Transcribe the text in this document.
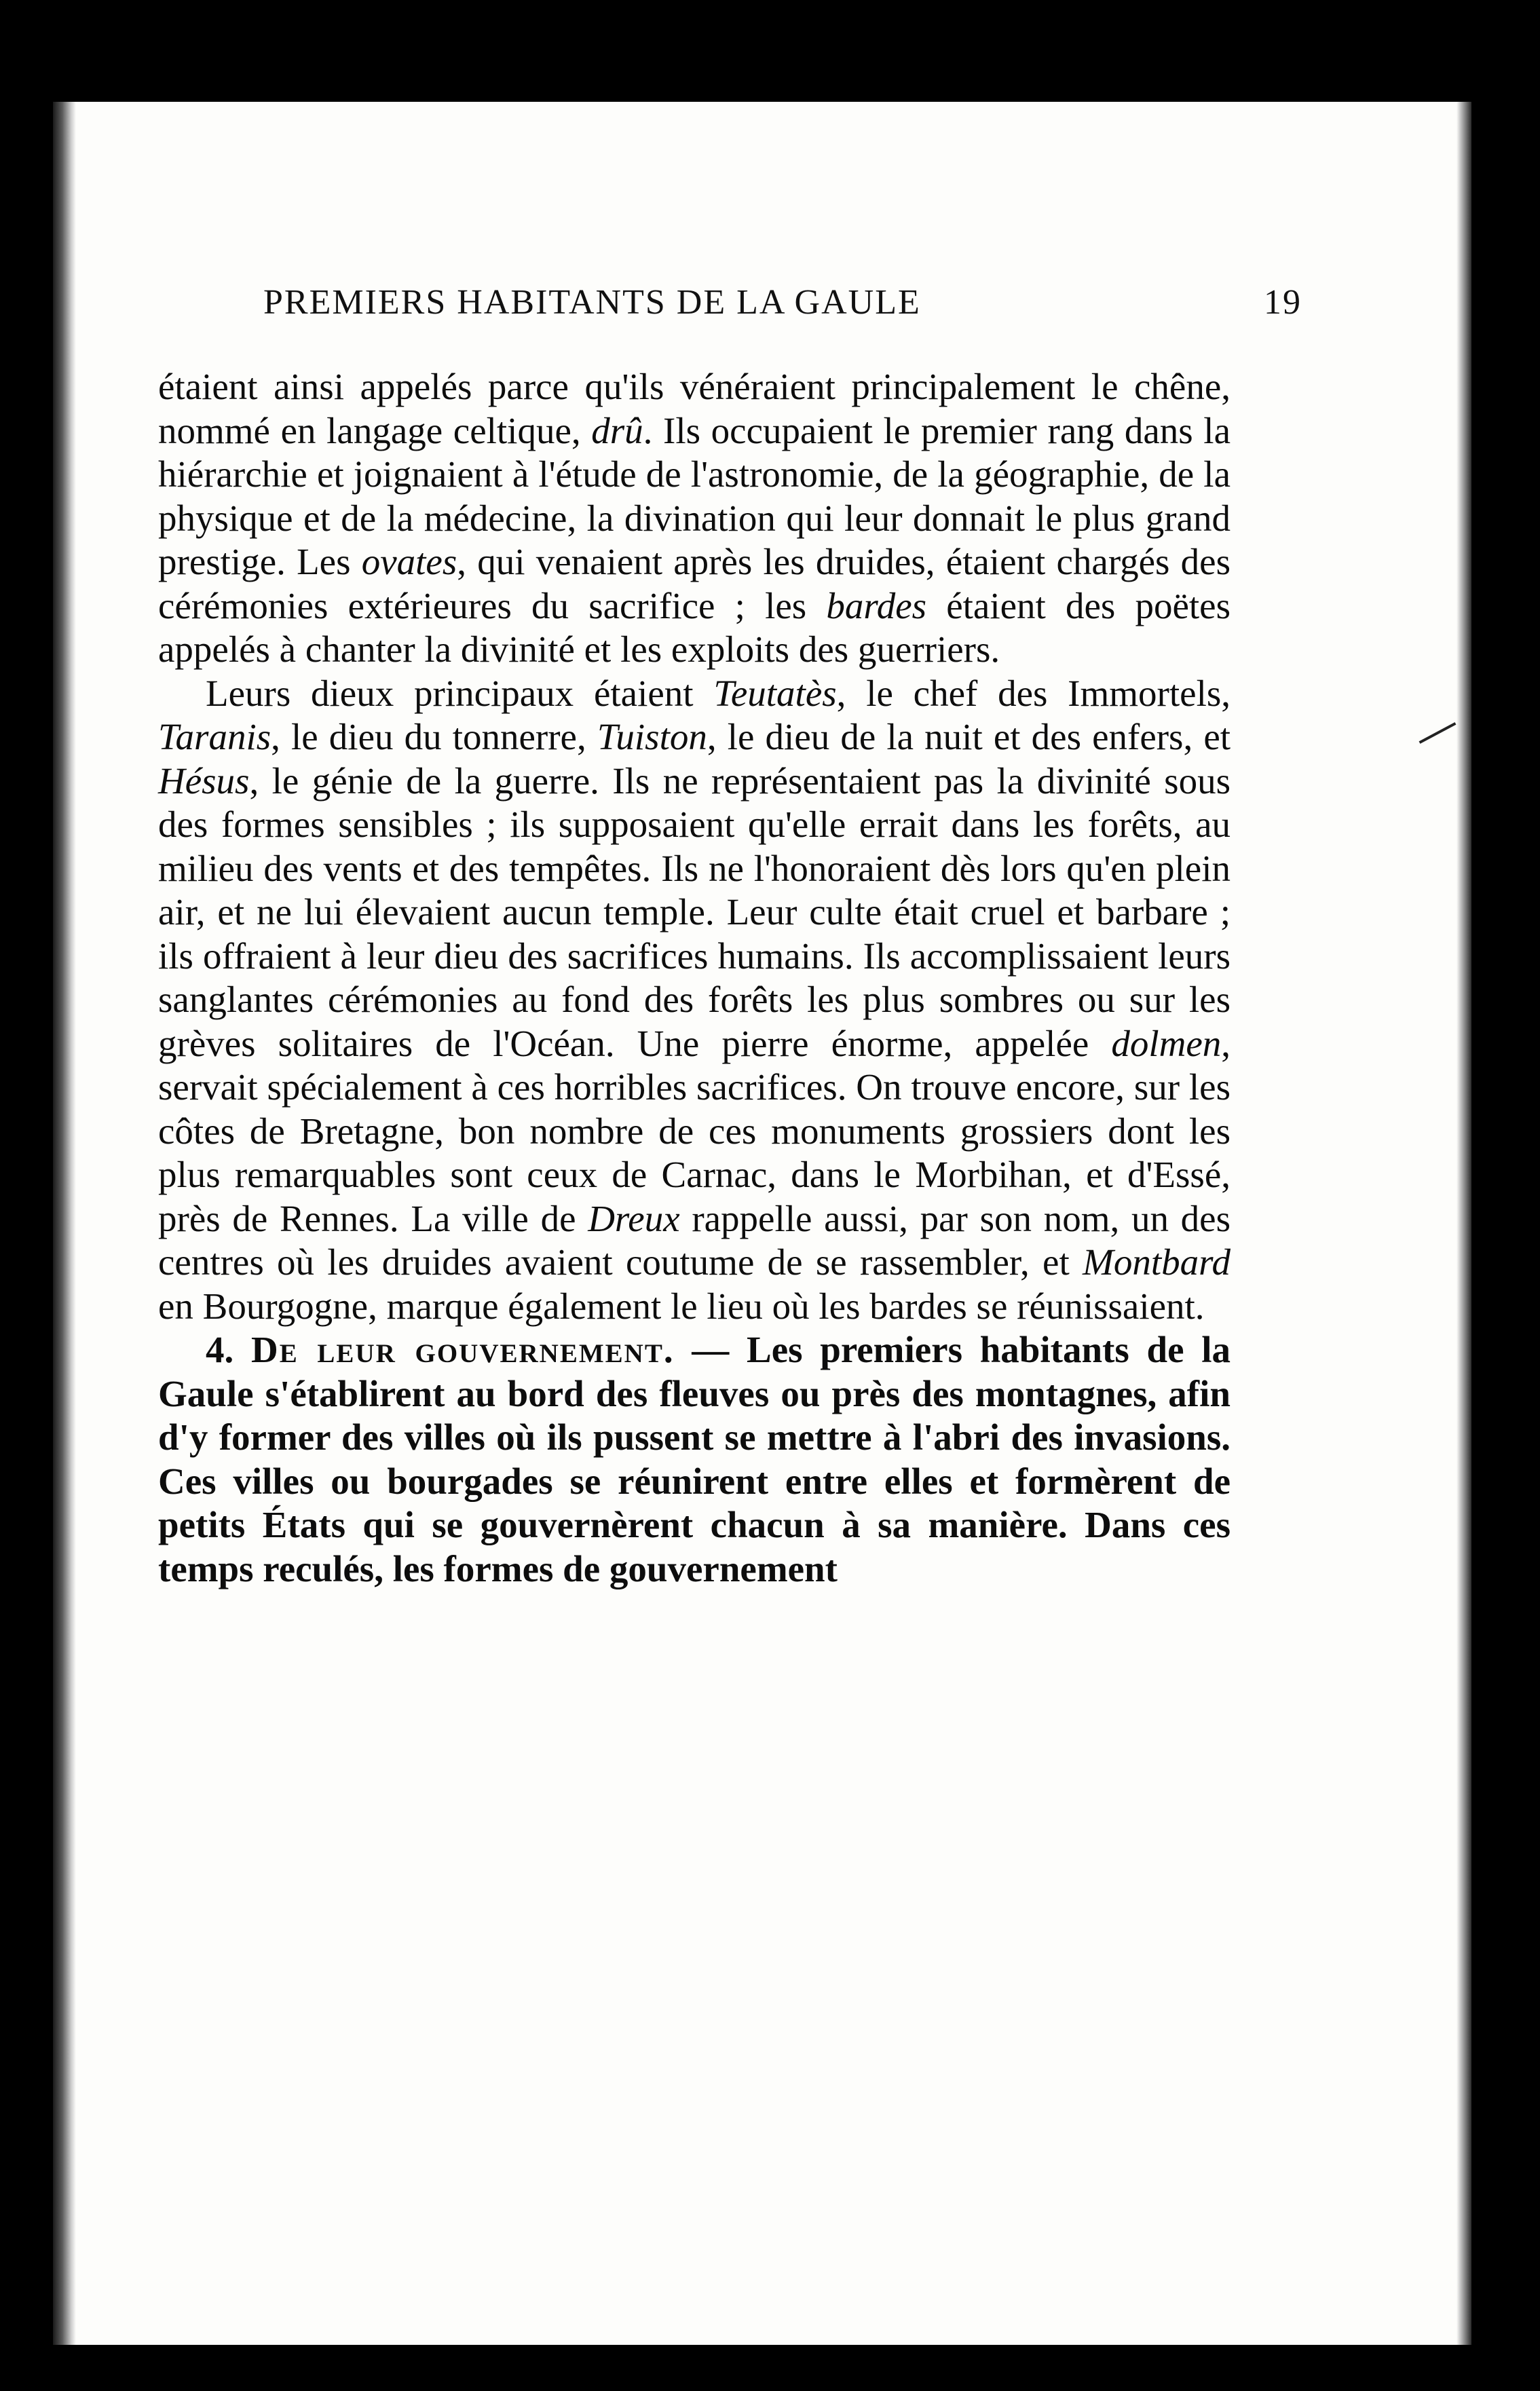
PREMIERS HABITANTS DE LA GAULE	19

étaient ainsi appelés parce qu'ils vénéraient principalement le chêne, nommé en langage celtique, drû. Ils occupaient le premier rang dans la hiérarchie et joignaient à l'étude de l'astronomie, de la géographie, de la physique et de la médecine, la divination qui leur donnait le plus grand prestige. Les ovates, qui venaient après les druides, étaient chargés des cérémonies extérieures du sacrifice ; les bardes étaient des poëtes appelés à chanter la divinité et les exploits des guerriers.

Leurs dieux principaux étaient Teutatès, le chef des Immortels, Taranis, le dieu du tonnerre, Tuiston, le dieu de la nuit et des enfers, et Hésus, le génie de la guerre. Ils ne représentaient pas la divinité sous des formes sensibles ; ils supposaient qu'elle errait dans les forêts, au milieu des vents et des tempêtes. Ils ne l'honoraient dès lors qu'en plein air, et ne lui élevaient aucun temple. Leur culte était cruel et barbare ; ils offraient à leur dieu des sacrifices humains. Ils accomplissaient leurs sanglantes cérémonies au fond des forêts les plus sombres ou sur les grèves solitaires de l'Océan. Une pierre énorme, appelée dolmen, servait spécialement à ces horribles sacrifices. On trouve encore, sur les côtes de Bretagne, bon nombre de ces monuments grossiers dont les plus remarquables sont ceux de Carnac, dans le Morbihan, et d'Essé, près de Rennes. La ville de Dreux rappelle aussi, par son nom, un des centres où les druides avaient coutume de se rassembler, et Montbard en Bourgogne, marque également le lieu où les bardes se réunissaient.

4. De leur gouvernement. — Les premiers habitants de la Gaule s'établirent au bord des fleuves ou près des montagnes, afin d'y former des villes où ils pussent se mettre à l'abri des invasions. Ces villes ou bourgades se réunirent entre elles et formèrent de petits États qui se gouvernèrent chacun à sa manière. Dans ces temps reculés, les formes de gouvernement
